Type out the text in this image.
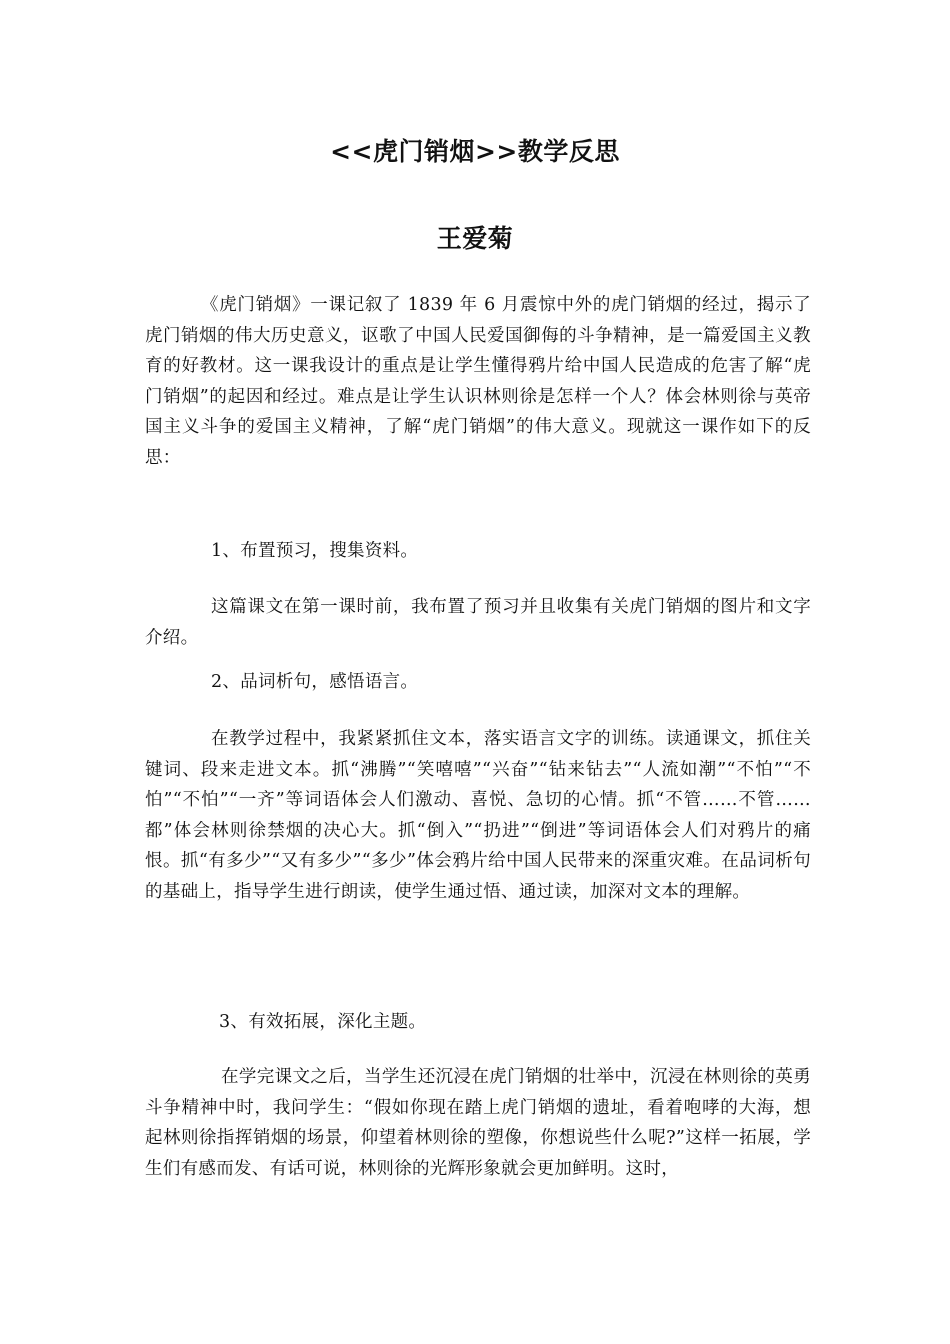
<<虎门销烟>>教学反思
王爱菊

《虎门销烟》一课记叙了 1839 年 6 月震惊中外的虎门销烟的经过，揭示了虎门销烟的伟大历史意义，讴歌了中国人民爱国御侮的斗争精神，是一篇爱国主义教育的好教材。这一课我设计的重点是让学生懂得鸦片给中国人民造成的危害了解“虎门销烟”的起因和经过。难点是让学生认识林则徐是怎样一个人？体会林则徐与英帝国主义斗争的爱国主义精神，了解“虎门销烟”的伟大意义。现就这一课作如下的反思：

1、布置预习，搜集资料。

这篇课文在第一课时前，我布置了预习并且收集有关虎门销烟的图片和文字介绍。

2、品词析句，感悟语言。

在教学过程中，我紧紧抓住文本，落实语言文字的训练。读通课文，抓住关键词、段来走进文本。抓“沸腾”“笑嘻嘻”“兴奋”“钻来钻去”“人流如潮”“不怕”“不怕”“不怕”“一齐”等词语体会人们激动、喜悦、急切的心情。抓“不管……不管……都”体会林则徐禁烟的决心大。抓“倒入”“扔进”“倒进”等词语体会人们对鸦片的痛恨。抓“有多少”“又有多少”“多少”体会鸦片给中国人民带来的深重灾难。在品词析句的基础上，指导学生进行朗读，使学生通过悟、通过读，加深对文本的理解。

3、有效拓展，深化主题。

在学完课文之后，当学生还沉浸在虎门销烟的壮举中，沉浸在林则徐的英勇斗争精神中时，我问学生：“假如你现在踏上虎门销烟的遗址，看着咆哮的大海，想起林则徐指挥销烟的场景，仰望着林则徐的塑像，你想说些什么呢?”这样一拓展，学生们有感而发、有话可说，林则徐的光辉形象就会更加鲜明。这时，
